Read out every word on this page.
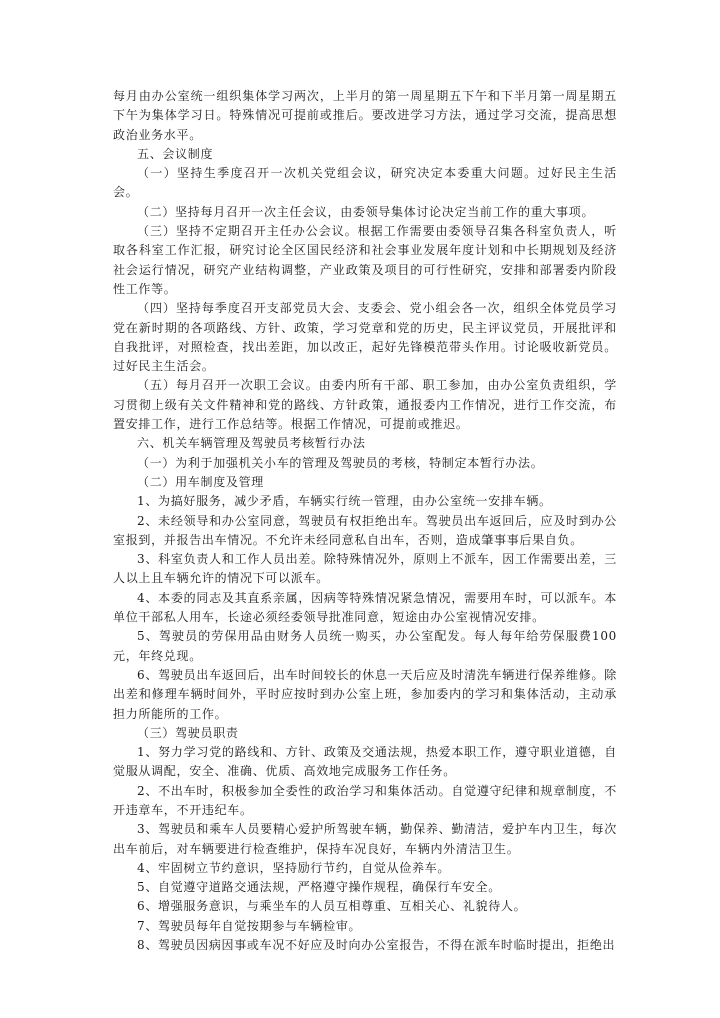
每月由办公室统一组织集体学习两次，上半月的第一周星期五下午和下半月第一周星期五下午为集体学习日。特殊情况可提前或推后。要改进学习方法，通过学习交流，提高思想政治业务水平。

五、会议制度

（一）坚持生季度召开一次机关党组会议，研究决定本委重大问题。过好民主生活会。

（二）坚持每月召开一次主任会议，由委领导集体讨论决定当前工作的重大事项。

（三）坚持不定期召开主任办公会议。根据工作需要由委领导召集各科室负责人，听取各科室工作汇报，研究讨论全区国民经济和社会事业发展年度计划和中长期规划及经济社会运行情况，研究产业结构调整，产业政策及项目的可行性研究，安排和部署委内阶段性工作等。

（四）坚持每季度召开支部党员大会、支委会、党小组会各一次，组织全体党员学习党在新时期的各项路线、方针、政策，学习党章和党的历史，民主评议党员，开展批评和自我批评，对照检查，找出差距，加以改正，起好先锋模范带头作用。讨论吸收新党员。过好民主生活会。

（五）每月召开一次职工会议。由委内所有干部、职工参加，由办公室负责组织，学习贯彻上级有关文件精神和党的路线、方针政策，通报委内工作情况，进行工作交流，布置安排工作，进行工作总结等。根据工作情况，可提前或推迟。

六、机关车辆管理及驾驶员考核暂行办法

（一）为利于加强机关小车的管理及驾驶员的考核，特制定本暂行办法。

（二）用车制度及管理

1、为搞好服务，减少矛盾，车辆实行统一管理，由办公室统一安排车辆。

2、未经领导和办公室同意，驾驶员有权拒绝出车。驾驶员出车返回后，应及时到办公室报到，并报告出车情况。不允许未经同意私自出车，否则，造成肇事事后果自负。

3、科室负责人和工作人员出差。除特殊情况外，原则上不派车，因工作需要出差，三人以上且车辆允许的情况下可以派车。

4、本委的同志及其直系亲属，因病等特殊情况紧急情况，需要用车时，可以派车。本单位干部私人用车，长途必须经委领导批准同意，短途由办公室视情况安排。

5、驾驶员的劳保用品由财务人员统一购买，办公室配发。每人每年给劳保服费100元，年终兑现。

6、驾驶员出车返回后，出车时间较长的休息一天后应及时清洗车辆进行保养维修。除出差和修理车辆时间外，平时应按时到办公室上班，参加委内的学习和集体活动，主动承担力所能所的工作。

（三）驾驶员职责

1、努力学习党的路线和、方针、政策及交通法规，热爱本职工作，遵守职业道德，自觉服从调配，安全、准确、优质、高效地完成服务工作任务。

2、不出车时，积极参加全委性的政治学习和集体活动。自觉遵守纪律和规章制度，不开违章车，不开违纪车。

3、驾驶员和乘车人员要精心爱护所驾驶车辆，勤保养、勤清洁，爱护车内卫生，每次出车前后，对车辆要进行检查维护，保持车况良好，车辆内外清洁卫生。

4、牢固树立节约意识，坚持励行节约，自觉从俭养车。

5、自觉遵守道路交通法规，严格遵守操作规程，确保行车安全。

6、增强服务意识，与乘坐车的人员互相尊重、互相关心、礼貌待人。

7、驾驶员每年自觉按期参与车辆检审。

8、驾驶员因病因事或车况不好应及时向办公室报告，不得在派车时临时提出，拒绝出
